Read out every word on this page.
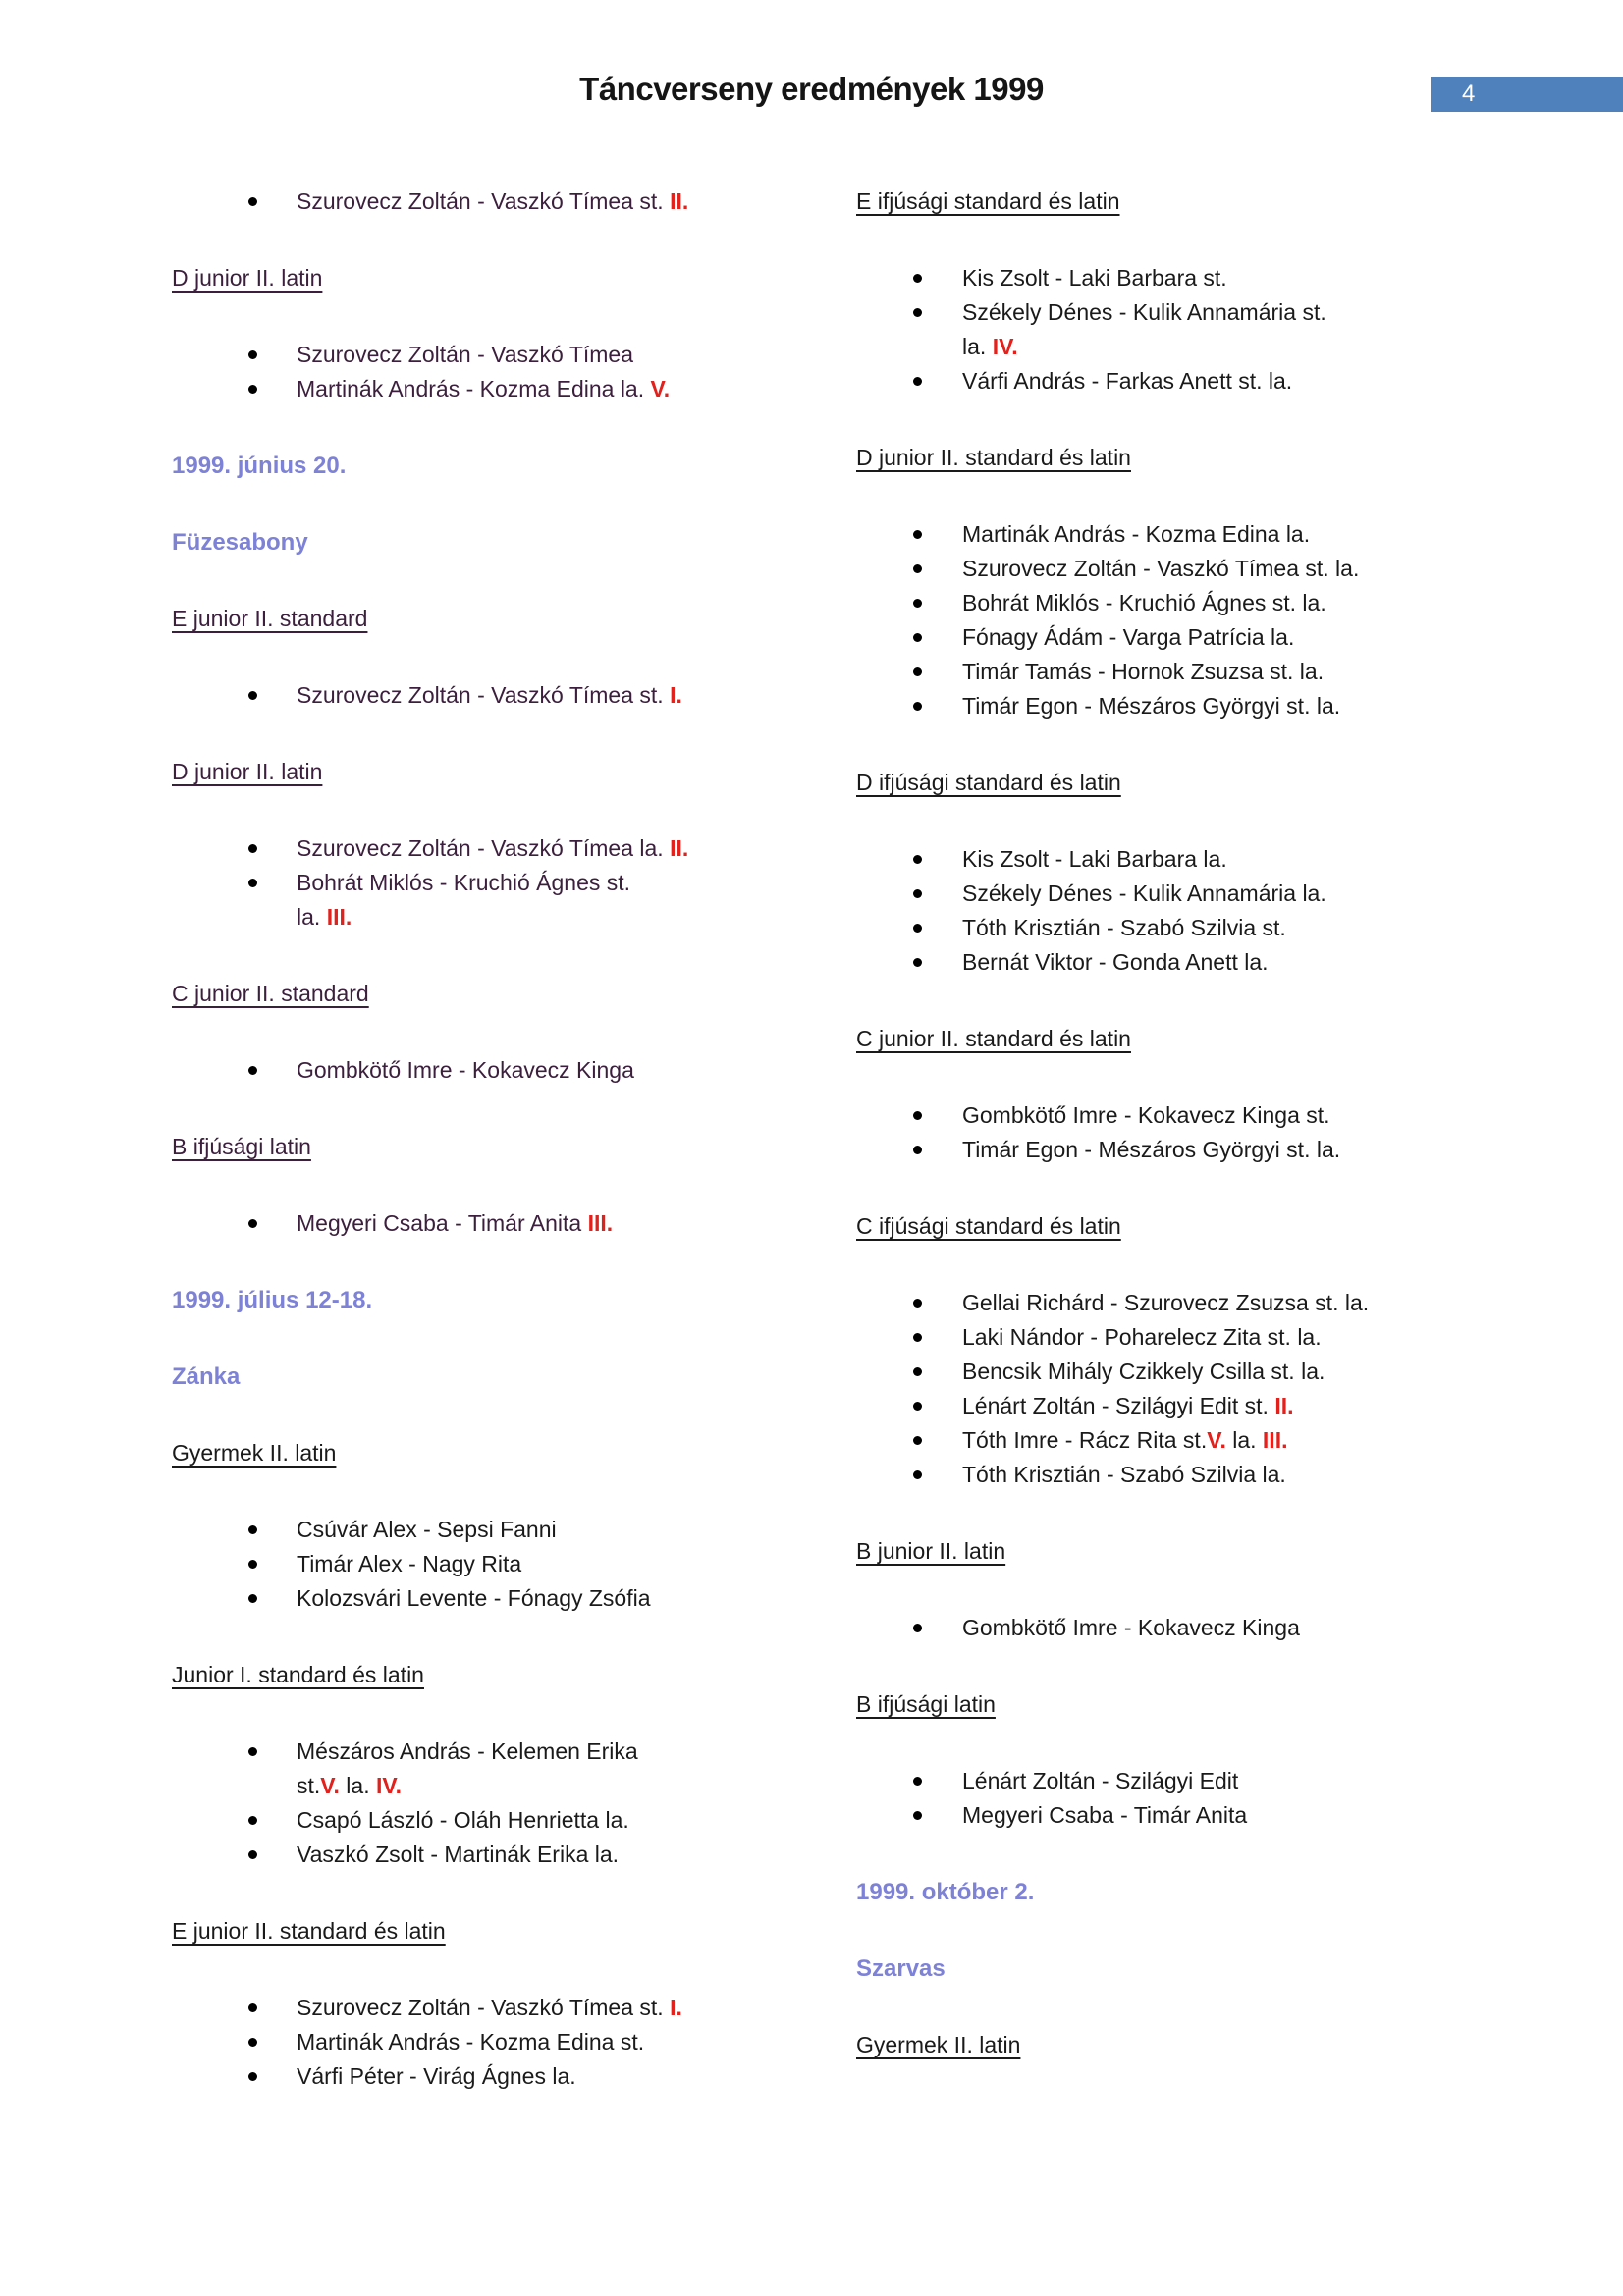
Táncverseny eredmények 1999	4
Szurovecz Zoltán - Vaszkó Tímea st. II.
D junior II. latin
Szurovecz Zoltán - Vaszkó Tímea
Martinák András - Kozma Edina la. V.
1999. június 20.
Füzesabony
E junior II. standard
Szurovecz Zoltán - Vaszkó Tímea st. I.
D junior II. latin
Szurovecz Zoltán - Vaszkó Tímea la. II.
Bohrát Miklós - Kruchió Ágnes st.
la. III.
C junior II. standard
Gombkötő Imre - Kokavecz Kinga
B ifjúsági latin
Megyeri Csaba - Timár Anita III.
1999. július 12-18.
Zánka
Gyermek II. latin
Csúvár Alex - Sepsi Fanni
Timár Alex - Nagy Rita
Kolozsvári Levente - Fónagy Zsófia
Junior I. standard és latin
Mészáros András - Kelemen Erika
st.V. la. IV.
Csapó László - Oláh Henrietta la.
Vaszkó Zsolt - Martinák Erika la.
E junior II. standard és latin
Szurovecz Zoltán - Vaszkó Tímea st. I.
Martinák András - Kozma Edina st.
Várfi Péter - Virág Ágnes la.
E ifjúsági standard és latin
Kis Zsolt - Laki Barbara st.
Székely Dénes - Kulik Annamária st.
la. IV.
Várfi András - Farkas Anett st. la.
D junior II. standard és latin
Martinák András - Kozma Edina la.
Szurovecz Zoltán - Vaszkó Tímea st. la.
Bohrát Miklós - Kruchió Ágnes st. la.
Fónagy Ádám - Varga Patrícia la.
Timár Tamás - Hornok Zsuzsa st. la.
Timár Egon - Mészáros Györgyi st. la.
D ifjúsági standard és latin
Kis Zsolt - Laki Barbara la.
Székely Dénes - Kulik Annamária la.
Tóth Krisztián - Szabó Szilvia st.
Bernát Viktor - Gonda Anett la.
C junior II. standard és latin
Gombkötő Imre - Kokavecz Kinga st.
Timár Egon - Mészáros Györgyi st. la.
C ifjúsági standard és latin
Gellai Richárd - Szurovecz Zsuzsa st. la.
Laki Nándor - Poharelecz Zita st. la.
Bencsik Mihály Czikkely Csilla st. la.
Lénárt Zoltán - Szilágyi Edit st. II.
Tóth Imre - Rácz Rita st.V. la. III.
Tóth Krisztián - Szabó Szilvia la.
B junior II. latin
Gombkötő Imre - Kokavecz Kinga
B ifjúsági latin
Lénárt Zoltán - Szilágyi Edit
Megyeri Csaba - Timár Anita
1999. október 2.
Szarvas
Gyermek II. latin
